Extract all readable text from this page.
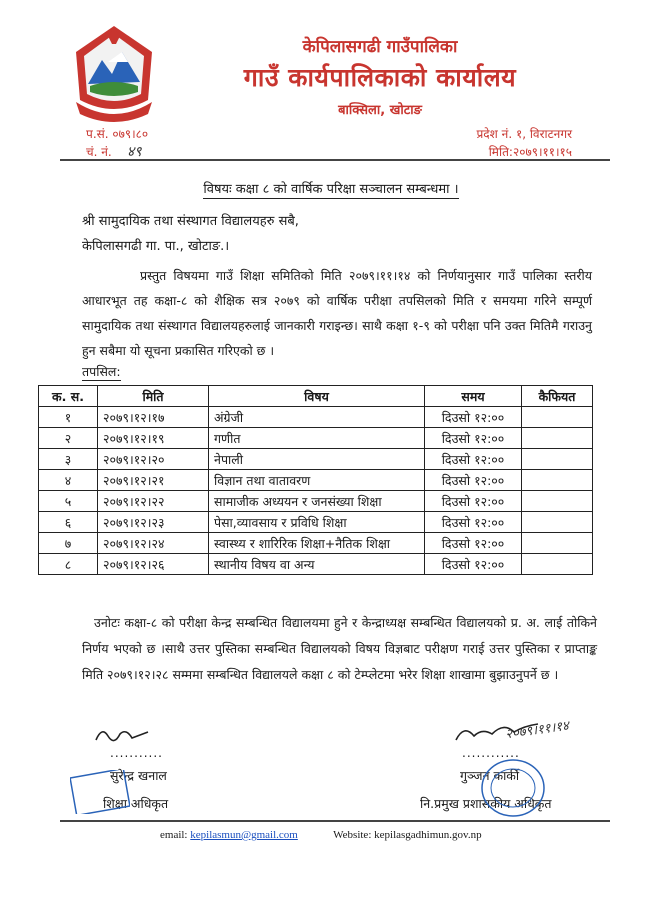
केपिलासगढी गाउँपालिका
गाउँ कार्यपालिकाको कार्यालय
बाक्सिला, खोटाङ
प.सं. ०७९।८०
चं. नं. ४९
प्रदेश नं. १, विराटनगर
मिति:२०७९।११।१५
विषयः कक्षा ८ को वार्षिक परिक्षा सञ्चालन सम्बन्धमा ।
श्री सामुदायिक तथा संस्थागत विद्यालयहरु सबै,
केपिलासगढी गा. पा., खोटाङ.।
प्रस्तुत विषयमा गाउँ शिक्षा समितिको मिति २०७९।११।१४ को निर्णयानुसार गाउँ पालिका स्तरीय आधारभूत तह कक्षा-८ को शैक्षिक सत्र २०७९ को वार्षिक परीक्षा तपसिलको मिति र समयमा गरिने सम्पूर्ण सामुदायिक तथा संस्थागत विद्यालयहरुलाई जानकारी गराइन्छ। साथै कक्षा १-९ को परीक्षा पनि उक्त मितिमै गराउनु हुन सबैमा यो सूचना प्रकासित गरिएको छ ।
तपसिल:
क. स.	मिति	विषय	समय	कैफियत
१	२०७९।१२।१७	अंग्रेजी	दिउसो १२:००	
२	२०७९।१२।१९	गणीत	दिउसो १२:००	
३	२०७९।१२।२०	नेपाली	दिउसो १२:००	
४	२०७९।१२।२१	विज्ञान तथा वातावरण	दिउसो १२:००	
५	२०७९।१२।२२	सामाजीक अध्ययन र जनसंख्या शिक्षा	दिउसो १२:००	
६	२०७९।१२।२३	पेसा,व्यावसाय र प्रविधि शिक्षा	दिउसो १२:००	
७	२०७९।१२।२४	स्वास्थ्य र शारिरिक शिक्षा+नैतिक शिक्षा	दिउसो १२:००	
८	२०७९।१२।२६	स्थानीय विषय वा अन्य	दिउसो १२:००	
उनोटः कक्षा-८ को परीक्षा केन्द्र सम्बन्धित विद्यालयमा हुने र केन्द्राध्यक्ष सम्बन्धित विद्यालयको प्र. अ. लाई तोकिने निर्णय भएको छ ।साथै उत्तर पुस्तिका सम्बन्धित विद्यालयको विषय विज्ञबाट परीक्षण गराई उत्तर पुस्तिका र प्राप्ताङ्क मिति २०७९।१२।२८ सम्ममा सम्बन्धित विद्यालयले कक्षा ८ को टेम्प्लेटमा भरेर शिक्षा शाखामा बुझाउनुपर्ने छ ।
...........
सुरेन्द्र खनाल
शिक्षा अधिकृत
२०७९।११।१४
............
गुञ्जन कार्की
नि.प्रमुख प्रशासकीय अधिकृत
email: kepilasmun@gmail.com	Website: kepilasgadhimun.gov.np
